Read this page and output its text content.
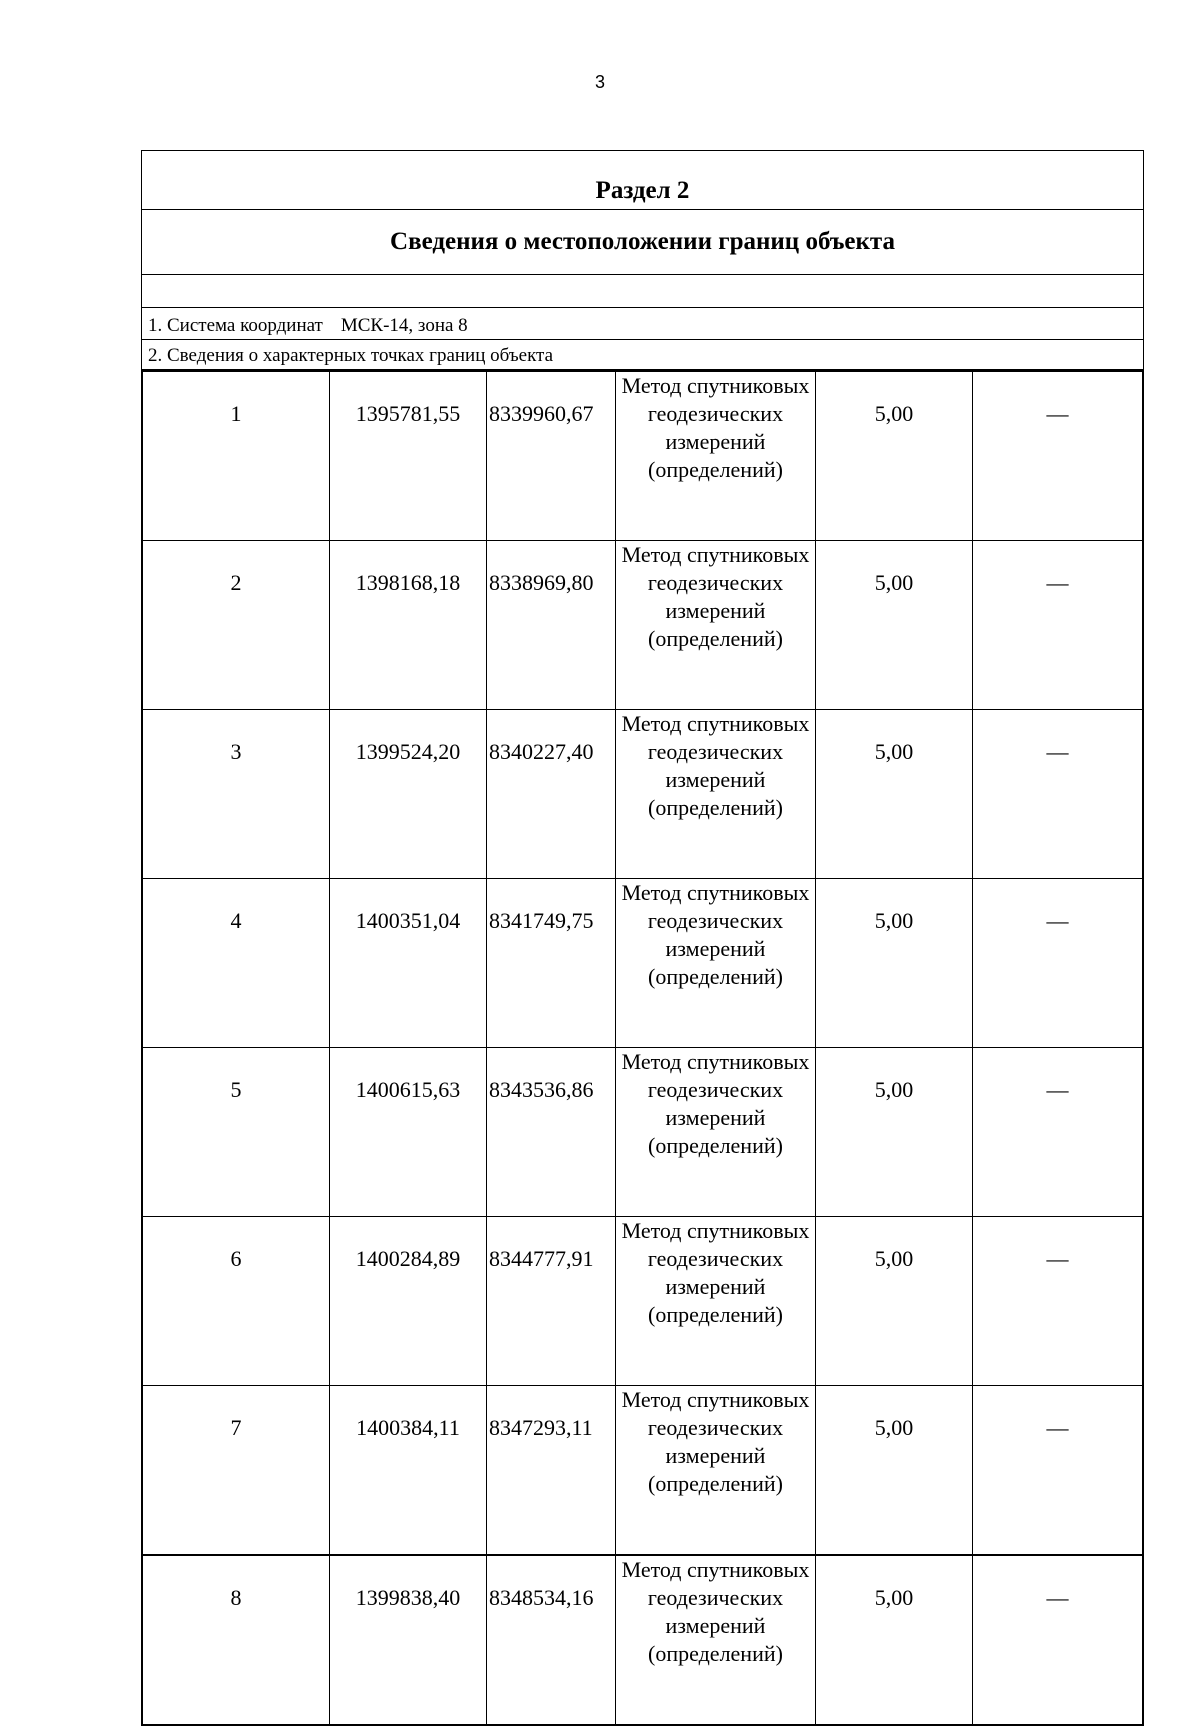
3
Раздел 2
Сведения о местоположении границ объекта
1. Система координат МСК-14, зона 8
2. Сведения о характерных точках границ объекта
1	1395781,55	8339960,67	Метод спутниковых геодезических измерений (определений)	5,00	—
2	1398168,18	8338969,80	Метод спутниковых геодезических измерений (определений)	5,00	—
3	1399524,20	8340227,40	Метод спутниковых геодезических измерений (определений)	5,00	—
4	1400351,04	8341749,75	Метод спутниковых геодезических измерений (определений)	5,00	—
5	1400615,63	8343536,86	Метод спутниковых геодезических измерений (определений)	5,00	—
6	1400284,89	8344777,91	Метод спутниковых геодезических измерений (определений)	5,00	—
7	1400384,11	8347293,11	Метод спутниковых геодезических измерений (определений)	5,00	—
8	1399838,40	8348534,16	Метод спутниковых геодезических измерений (определений)	5,00	—
